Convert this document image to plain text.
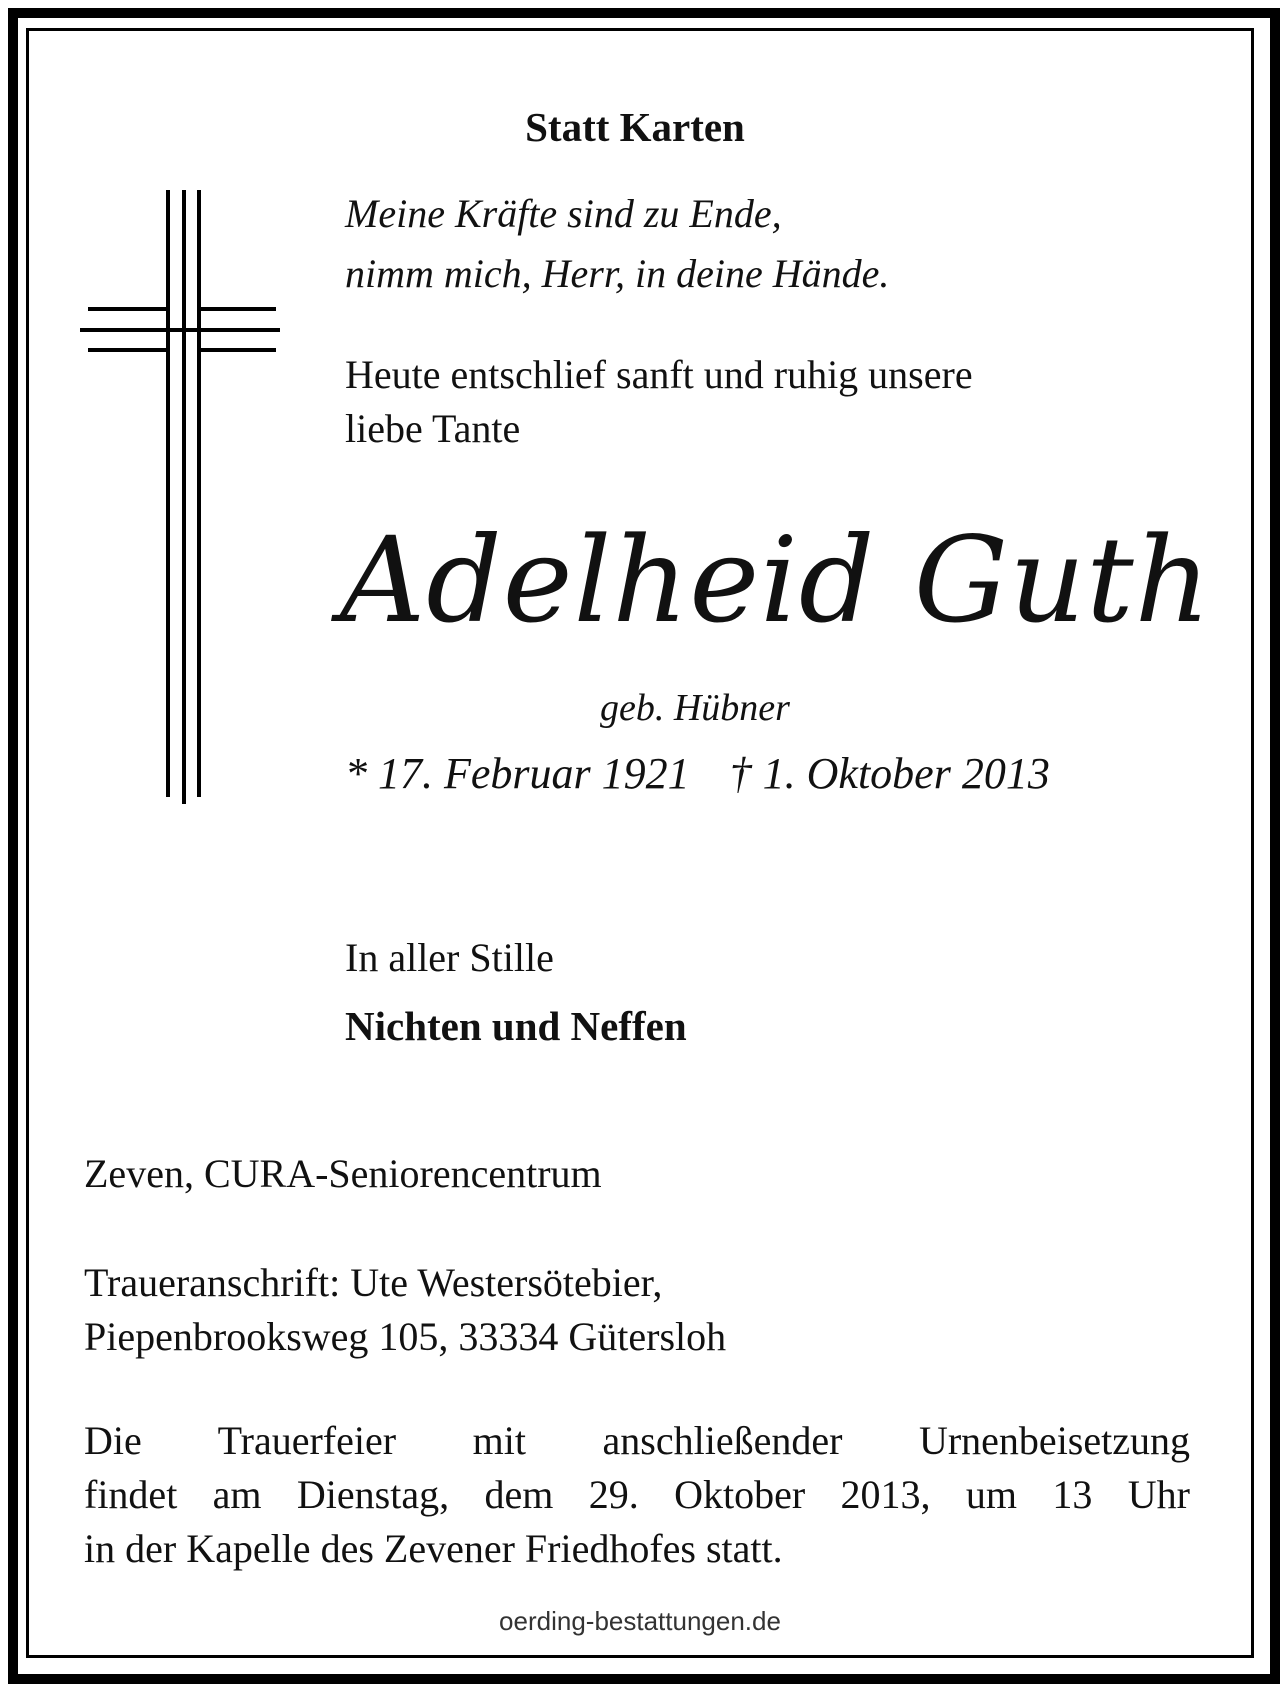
Statt Karten

Meine Kräfte sind zu Ende,
nimm mich, Herr, in deine Hände.
Heute entschlief sanft und ruhig unsere
liebe Tante

Adelheid Guth

geb. Hübner

* 17. Februar 1921 † 1. Oktober 2013

In aller Stille

Nichten und Neffen

Zeven, CURA-Seniorencentrum

Traueranschrift: Ute Westersötebier,
Piepenbrooksweg 105, 33334 Gütersloh
Die Trauerfeier mit anschließender Urnenbeisetzung
findet am Dienstag, dem 29. Oktober 2013, um 13 Uhr
in der Kapelle des Zevener Friedhofes statt.

oerding-bestattungen.de
